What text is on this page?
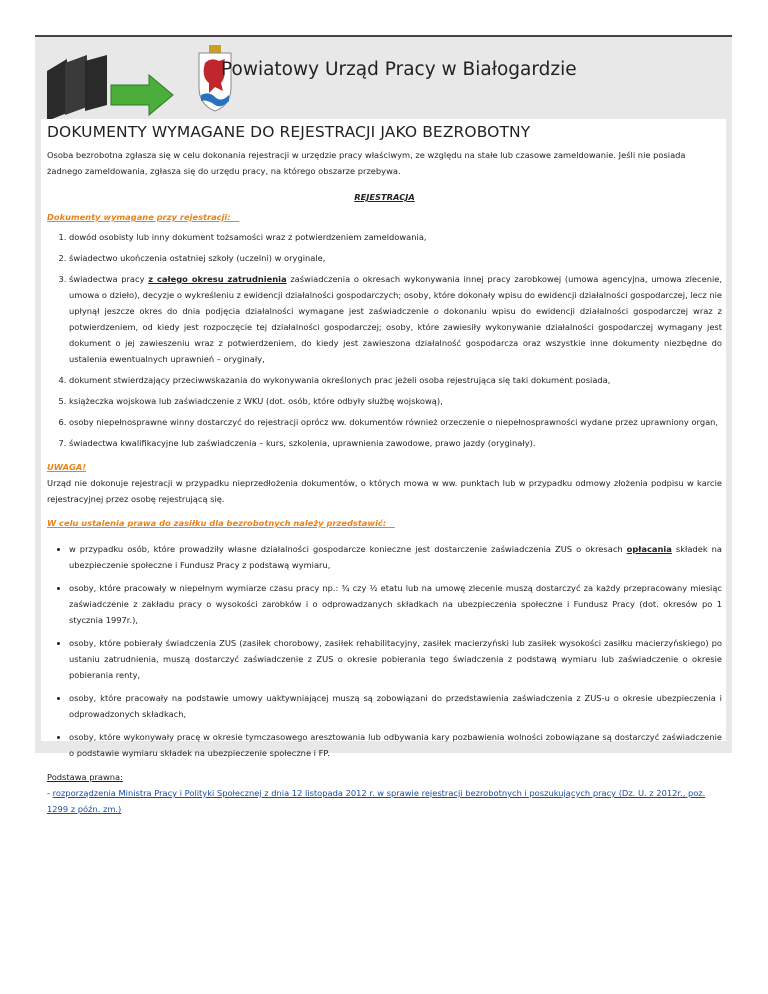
Powiatowy Urząd Pracy w Białogardzie
DOKUMENTY WYMAGANE DO REJESTRACJI JAKO BEZROBOTNY

Osoba bezrobotna zgłasza się w celu dokonania rejestracji w urzędzie pracy właściwym, ze względu na stałe lub czasowe zameldowanie. Jeśli nie posiada żadnego zameldowania, zgłasza się do urzędu pracy, na którego obszarze przebywa.

REJESTRACJA

Dokumenty wymagane przy rejestracji:

1. dowód osobisty lub inny dokument tożsamości wraz z potwierdzeniem zameldowania,
2. świadectwo ukończenia ostatniej szkoły (uczelni) w oryginale,
3. świadectwa pracy z całego okresu zatrudnienia zaświadczenia o okresach wykonywania innej pracy zarobkowej (umowa agencyjna, umowa zlecenie, umowa o dzieło), decyzje o wykreśleniu z ewidencji działalności gospodarczych; osoby, które dokonały wpisu do ewidencji działalności gospodarczej, lecz nie upłynął jeszcze okres do dnia podjęcia działalności wymagane jest zaświadczenie o dokonaniu wpisu do ewidencji działalności gospodarczej wraz z potwierdzeniem, od kiedy jest rozpoczęcie tej działalności gospodarczej; osoby, które zawiesiły wykonywanie działalności gospodarczej wymagany jest dokument o jej zawieszeniu wraz z potwierdzeniem, do kiedy jest zawieszona działalność gospodarcza oraz wszystkie inne dokumenty niezbędne do ustalenia ewentualnych uprawnień – oryginały,
4. dokument stwierdzający przeciwwskazania do wykonywania określonych prac jeżeli osoba rejestrująca się taki dokument posiada,
5. książeczka wojskowa lub zaświadczenie z WKU (dot. osób, które odbyły służbę wojskową),
6. osoby niepełnosprawne winny dostarczyć do rejestracji oprócz ww. dokumentów również orzeczenie o niepełnosprawności wydane przez uprawniony organ,
7. świadectwa kwalifikacyjne lub zaświadczenia – kurs, szkolenia, uprawnienia zawodowe, prawo jazdy (oryginały).

UWAGA!

Urząd nie dokonuje rejestracji w przypadku nieprzedłożenia dokumentów, o których mowa w ww. punktach lub w przypadku odmowy złożenia podpisu w karcie rejestracyjnej przez osobę rejestrującą się.

W celu ustalenia prawa do zasiłku dla bezrobotnych należy przedstawić:

• w przypadku osób, które prowadziły własne działalności gospodarcze konieczne jest dostarczenie zaświadczenia ZUS o okresach opłacania składek na ubezpieczenie społeczne i Fundusz Pracy z podstawą wymiaru,
• osoby, które pracowały w niepełnym wymiarze czasu pracy np.: ¾ czy ½ etatu lub na umowę zlecenie muszą dostarczyć za każdy przepracowany miesiąc zaświadczenie z zakładu pracy o wysokości zarobków i o odprowadzanych składkach na ubezpieczenia społeczne i Fundusz Pracy (dot. okresów po 1 stycznia 1997r.),
• osoby, które pobierały świadczenia ZUS (zasiłek chorobowy, zasiłek rehabilitacyjny, zasiłek macierzyński lub zasiłek wysokości zasiłku macierzyńskiego) po ustaniu zatrudnienia, muszą dostarczyć zaświadczenie z ZUS o okresie pobierania tego świadczenia z podstawą wymiaru lub zaświadczenie o okresie pobierania renty,
• osoby, które pracowały na podstawie umowy uaktywniającej muszą są zobowiązani do przedstawienia zaświadczenia z ZUS-u o okresie ubezpieczenia i odprowadzonych składkach,
• osoby, które wykonywały pracę w okresie tymczasowego aresztowania lub odbywania kary pozbawienia wolności zobowiązane są dostarczyć zaświadczenie o podstawie wymiaru składek na ubezpieczenie społeczne i FP.

Podstawa prawna:
- rozporządzenia Ministra Pracy i Polityki Społecznej z dnia 12 listopada 2012 r. w sprawie rejestracji bezrobotnych i poszukujących pracy (Dz. U. z 2012r., poz. 1299 z późn. zm.)
